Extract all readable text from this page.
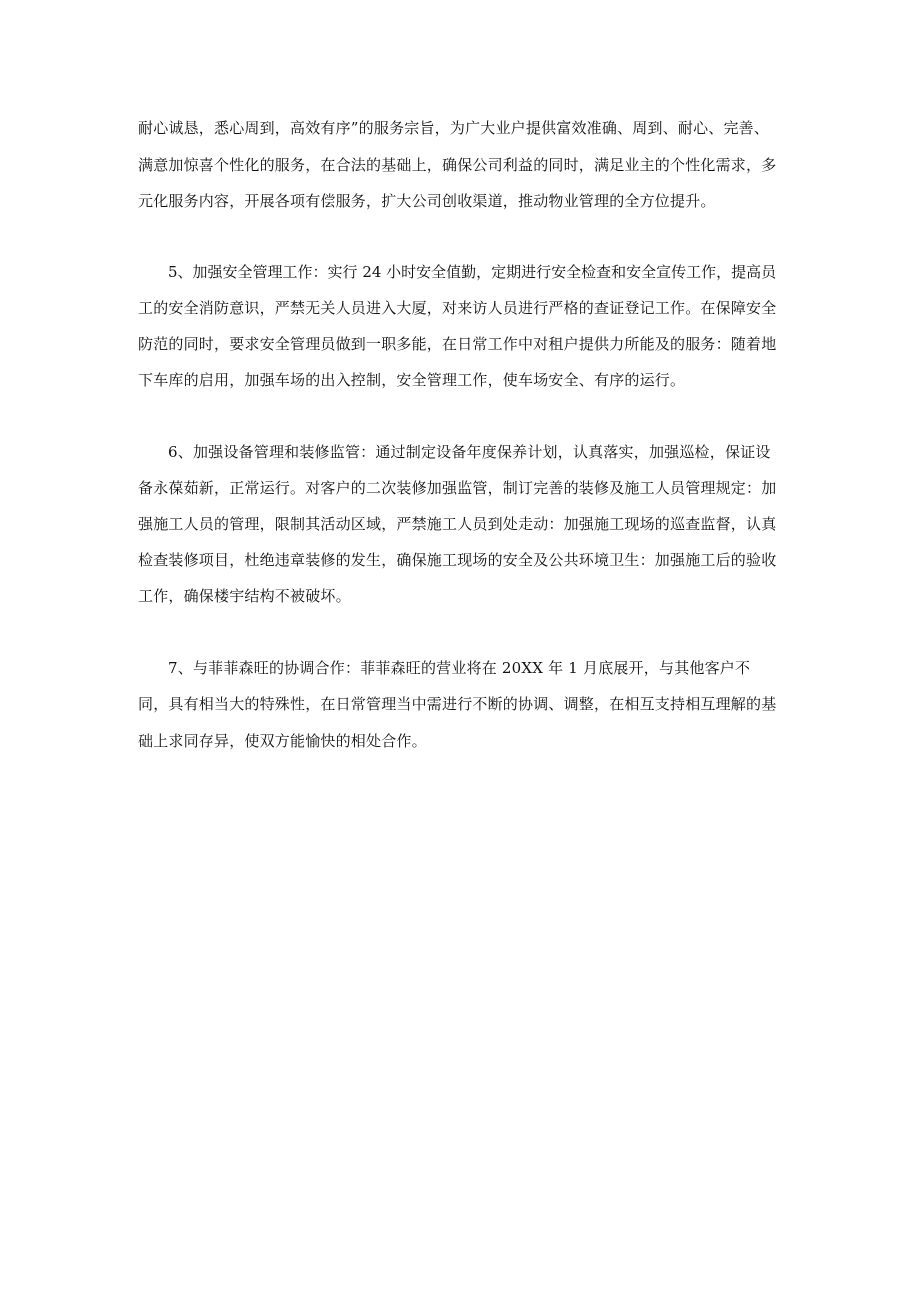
耐心诚恳，悉心周到，高效有序”的服务宗旨，为广大业户提供富效准确、周到、耐心、完善、
满意加惊喜个性化的服务，在合法的基础上，确保公司利益的同时，满足业主的个性化需求，多
元化服务内容，开展各项有偿服务，扩大公司创收渠道，推动物业管理的全方位提升。
5、加强安全管理工作：实行 24 小时安全值勤，定期进行安全检查和安全宣传工作，提高员
工的安全消防意识，严禁无关人员进入大厦，对来访人员进行严格的查证登记工作。在保障安全
防范的同时，要求安全管理员做到一职多能，在日常工作中对租户提供力所能及的服务：随着地
下车库的启用，加强车场的出入控制，安全管理工作，使车场安全、有序的运行。
6、加强设备管理和装修监管：通过制定设备年度保养计划，认真落实，加强巡检，保证设
备永葆茹新，正常运行。对客户的二次装修加强监管，制订完善的装修及施工人员管理规定：加
强施工人员的管理，限制其活动区域，严禁施工人员到处走动：加强施工现场的巡查监督，认真
检查装修项目，杜绝违章装修的发生，确保施工现场的安全及公共环境卫生：加强施工后的验收
工作，确保楼宇结构不被破坏。
7、与菲菲森旺的协调合作：菲菲森旺的营业将在 20XX 年 1 月底展开，与其他客户不
同，具有相当大的特殊性，在日常管理当中需进行不断的协调、调整，在相互支持相互理解的基
础上求同存异，使双方能愉快的相处合作。
